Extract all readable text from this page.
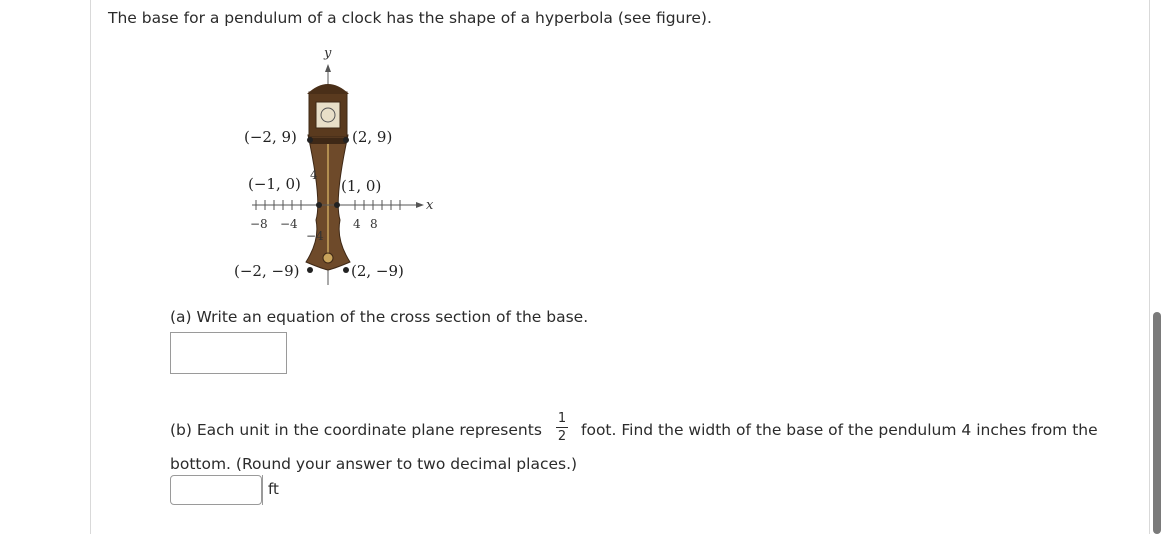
The base for a pendulum of a clock has the shape of a hyperbola (see figure).
y
x
−8 −4	4 8
4
−4
(−2, 9)	(2, 9)
(−1, 0)	(1, 0)
(−2, −9)	(2, −9)
(a) Write an equation of the cross section of the base.
(b) Each unit in the coordinate plane represents
1
2 foot. Find the width of the base of the pendulum 4 inches from the
bottom. (Round your answer to two decimal places.)
ft
